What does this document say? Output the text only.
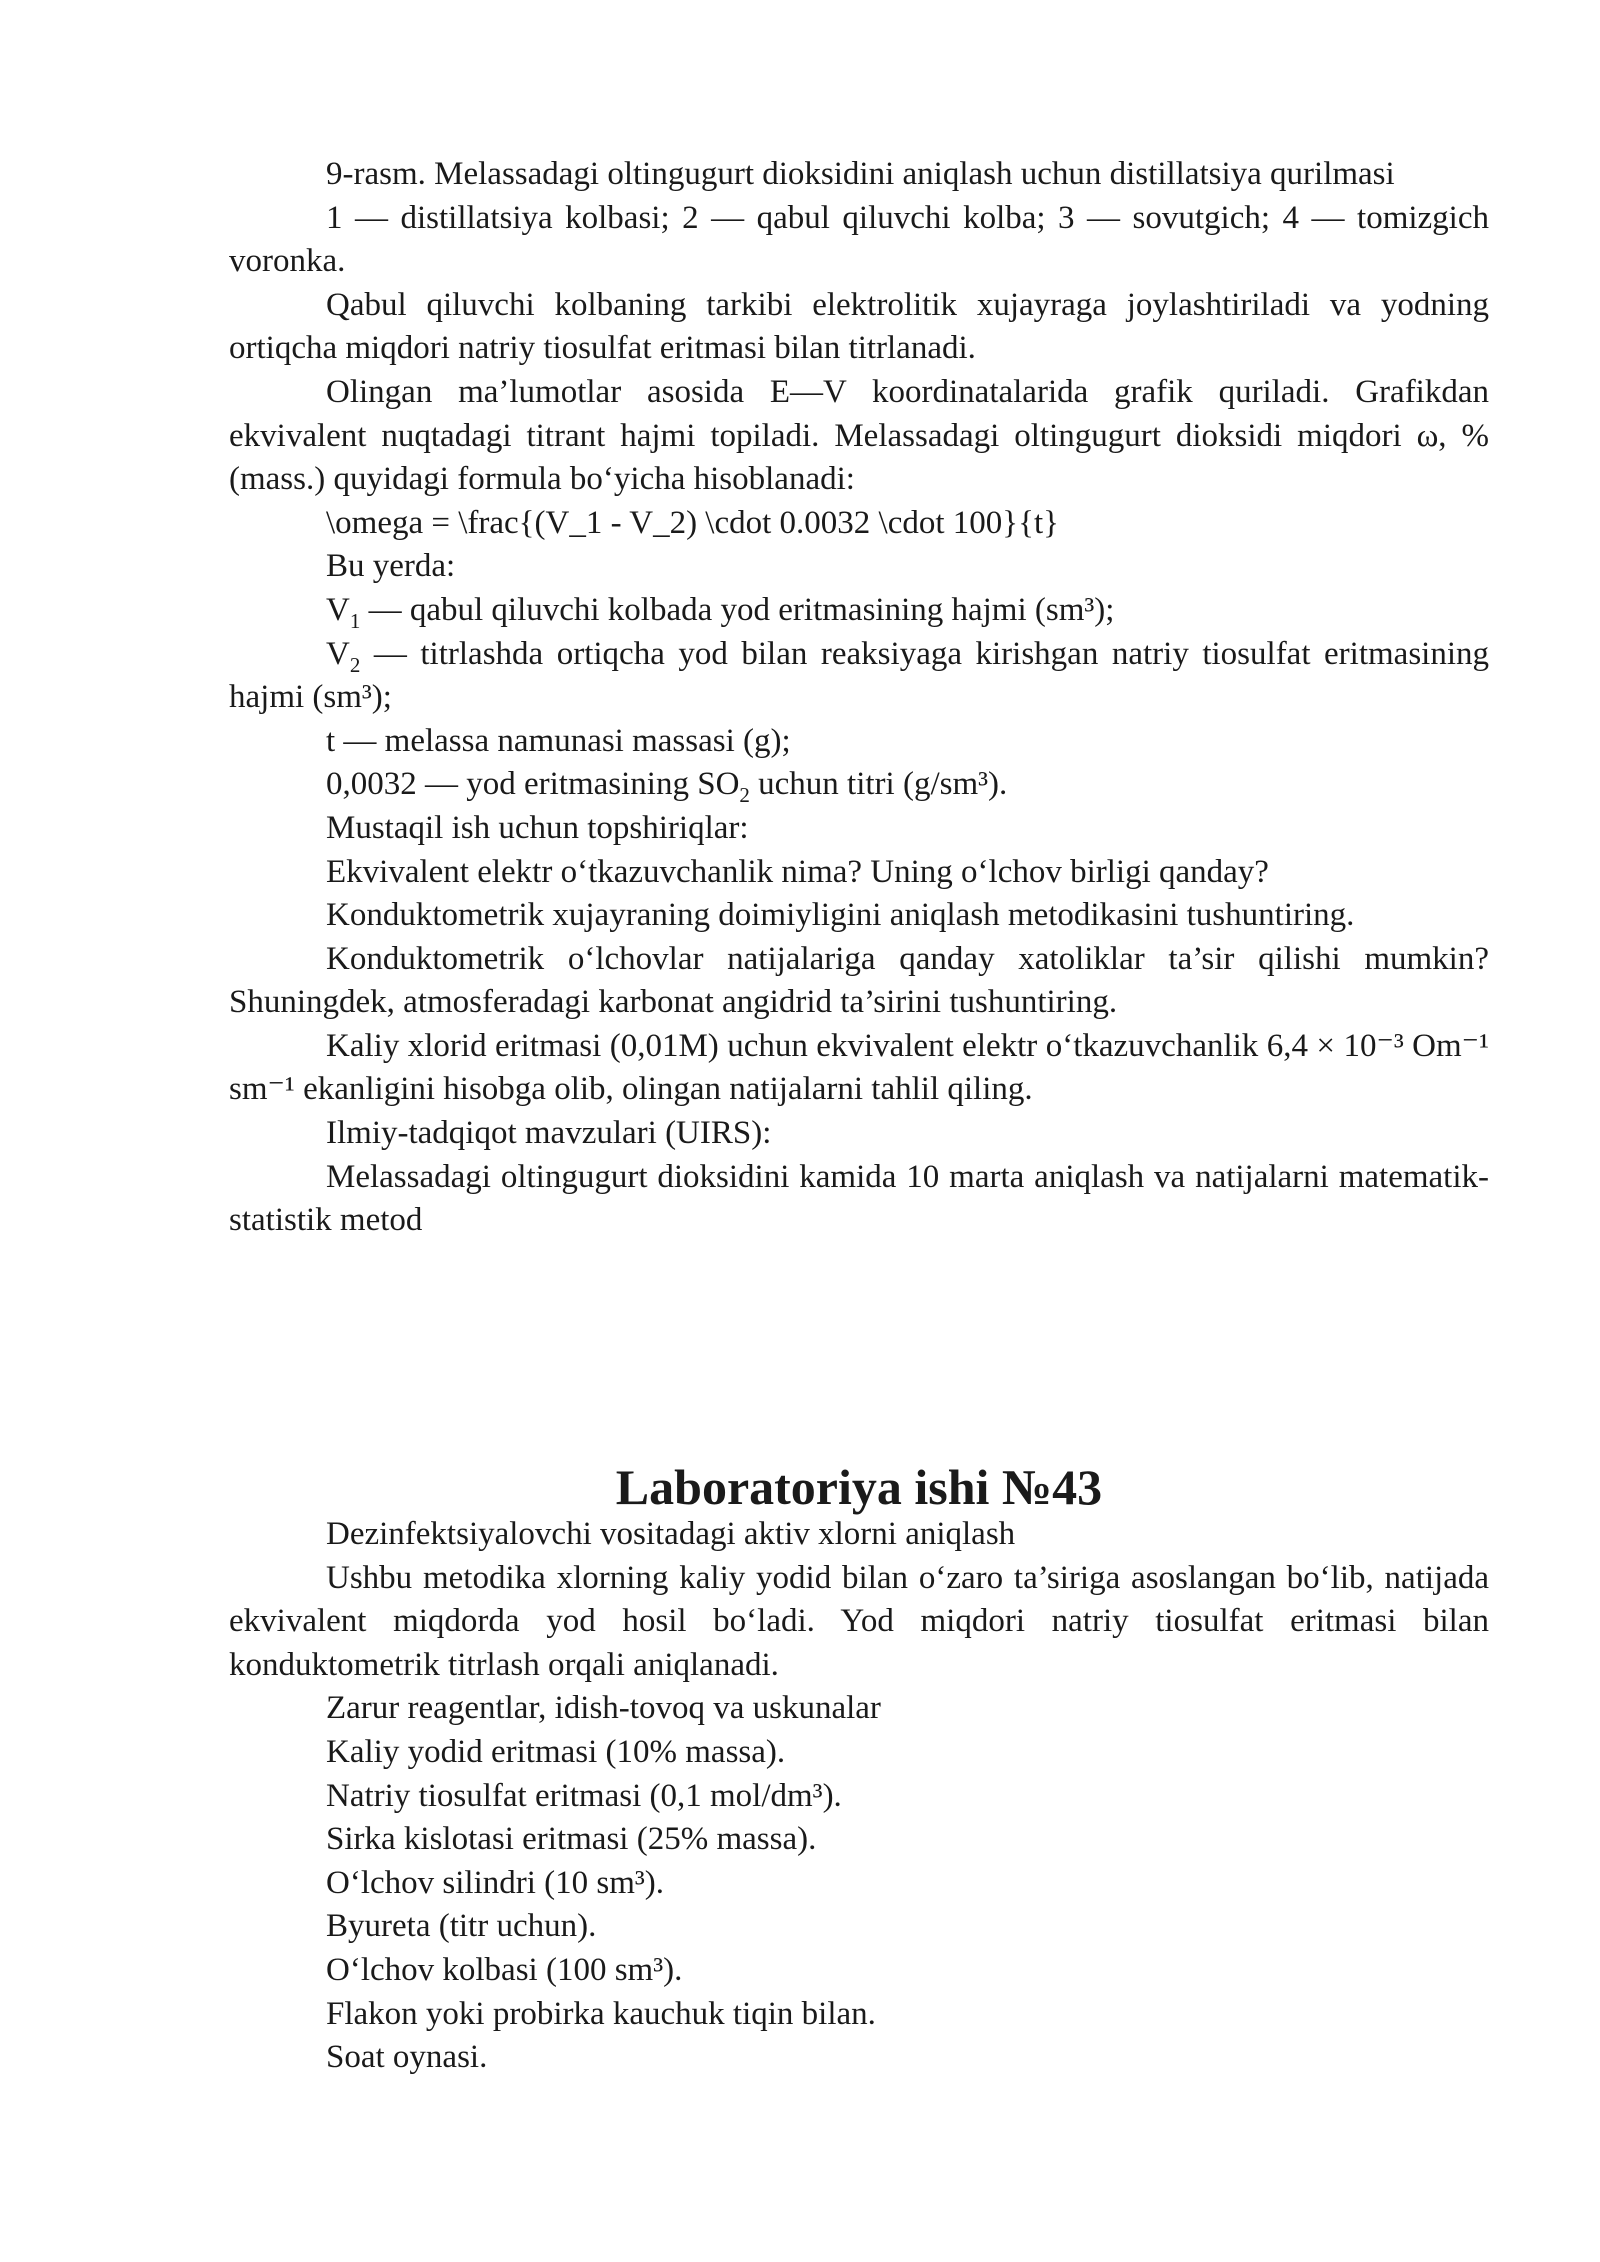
9-rasm. Melassadagi oltingugurt dioksidini aniqlash uchun distillatsiya qurilmasi

1 — distillatsiya kolbasi; 2 — qabul qiluvchi kolba; 3 — sovutgich; 4 — tomizgich voronka.

Qabul qiluvchi kolbaning tarkibi elektrolitik xujayraga joylashtiriladi va yodning ortiqcha miqdori natriy tiosulfat eritmasi bilan titrlanadi.

Olingan ma’lumotlar asosida E—V koordinatalarida grafik quriladi. Grafikdan ekvivalent nuqtadagi titrant hajmi topiladi. Melassadagi oltingugurt dioksidi miqdori ω, % (mass.) quyidagi formula bo‘yicha hisoblanadi:

\omega = \frac{(V_1 - V_2) \cdot 0.0032 \cdot 100}{t}

Bu yerda:

$V_1$ — qabul qiluvchi kolbada yod eritmasining hajmi (sm³);

$V_2$ — titrlashda ortiqcha yod bilan reaksiyaga kirishgan natriy tiosulfat eritmasining hajmi (sm³);

t — melassa namunasi massasi (g);

0,0032 — yod eritmasining $SO_2$ uchun titri (g/sm³).

Mustaqil ish uchun topshiriqlar:

Ekvivalent elektr o‘tkazuvchanlik nima? Uning o‘lchov birligi qanday?

Konduktometrik xujayraning doimiyligini aniqlash metodikasini tushuntiring.

Konduktometrik o‘lchovlar natijalariga qanday xatoliklar ta’sir qilishi mumkin? Shuningdek, atmosferadagi karbonat angidrid ta’sirini tushuntiring.

Kaliy xlorid eritmasi (0,01M) uchun ekvivalent elektr o‘tkazuvchanlik 6,4 × 10⁻³ Om⁻¹ sm⁻¹ ekanligini hisobga olib, olingan natijalarni tahlil qiling.

Ilmiy-tadqiqot mavzulari (UIRS):

Melassadagi oltingugurt dioksidini kamida 10 marta aniqlash va natijalarni matematik-statistik metod

Laboratoriya ishi №43

Dezinfektsiyalovchi vositadagi aktiv xlorni aniqlash

Ushbu metodika xlorning kaliy yodid bilan o‘zaro ta’siriga asoslangan bo‘lib, natijada ekvivalent miqdorda yod hosil bo‘ladi. Yod miqdori natriy tiosulfat eritmasi bilan konduktometrik titrlash orqali aniqlanadi.

Zarur reagentlar, idish-tovoq va uskunalar

Kaliy yodid eritmasi (10% massa).

Natriy tiosulfat eritmasi (0,1 mol/dm³).

Sirka kislotasi eritmasi (25% massa).

O‘lchov silindri (10 sm³).

Byureta (titr uchun).

O‘lchov kolbasi (100 sm³).

Flakon yoki probirka kauchuk tiqin bilan.

Soat oynasi.
